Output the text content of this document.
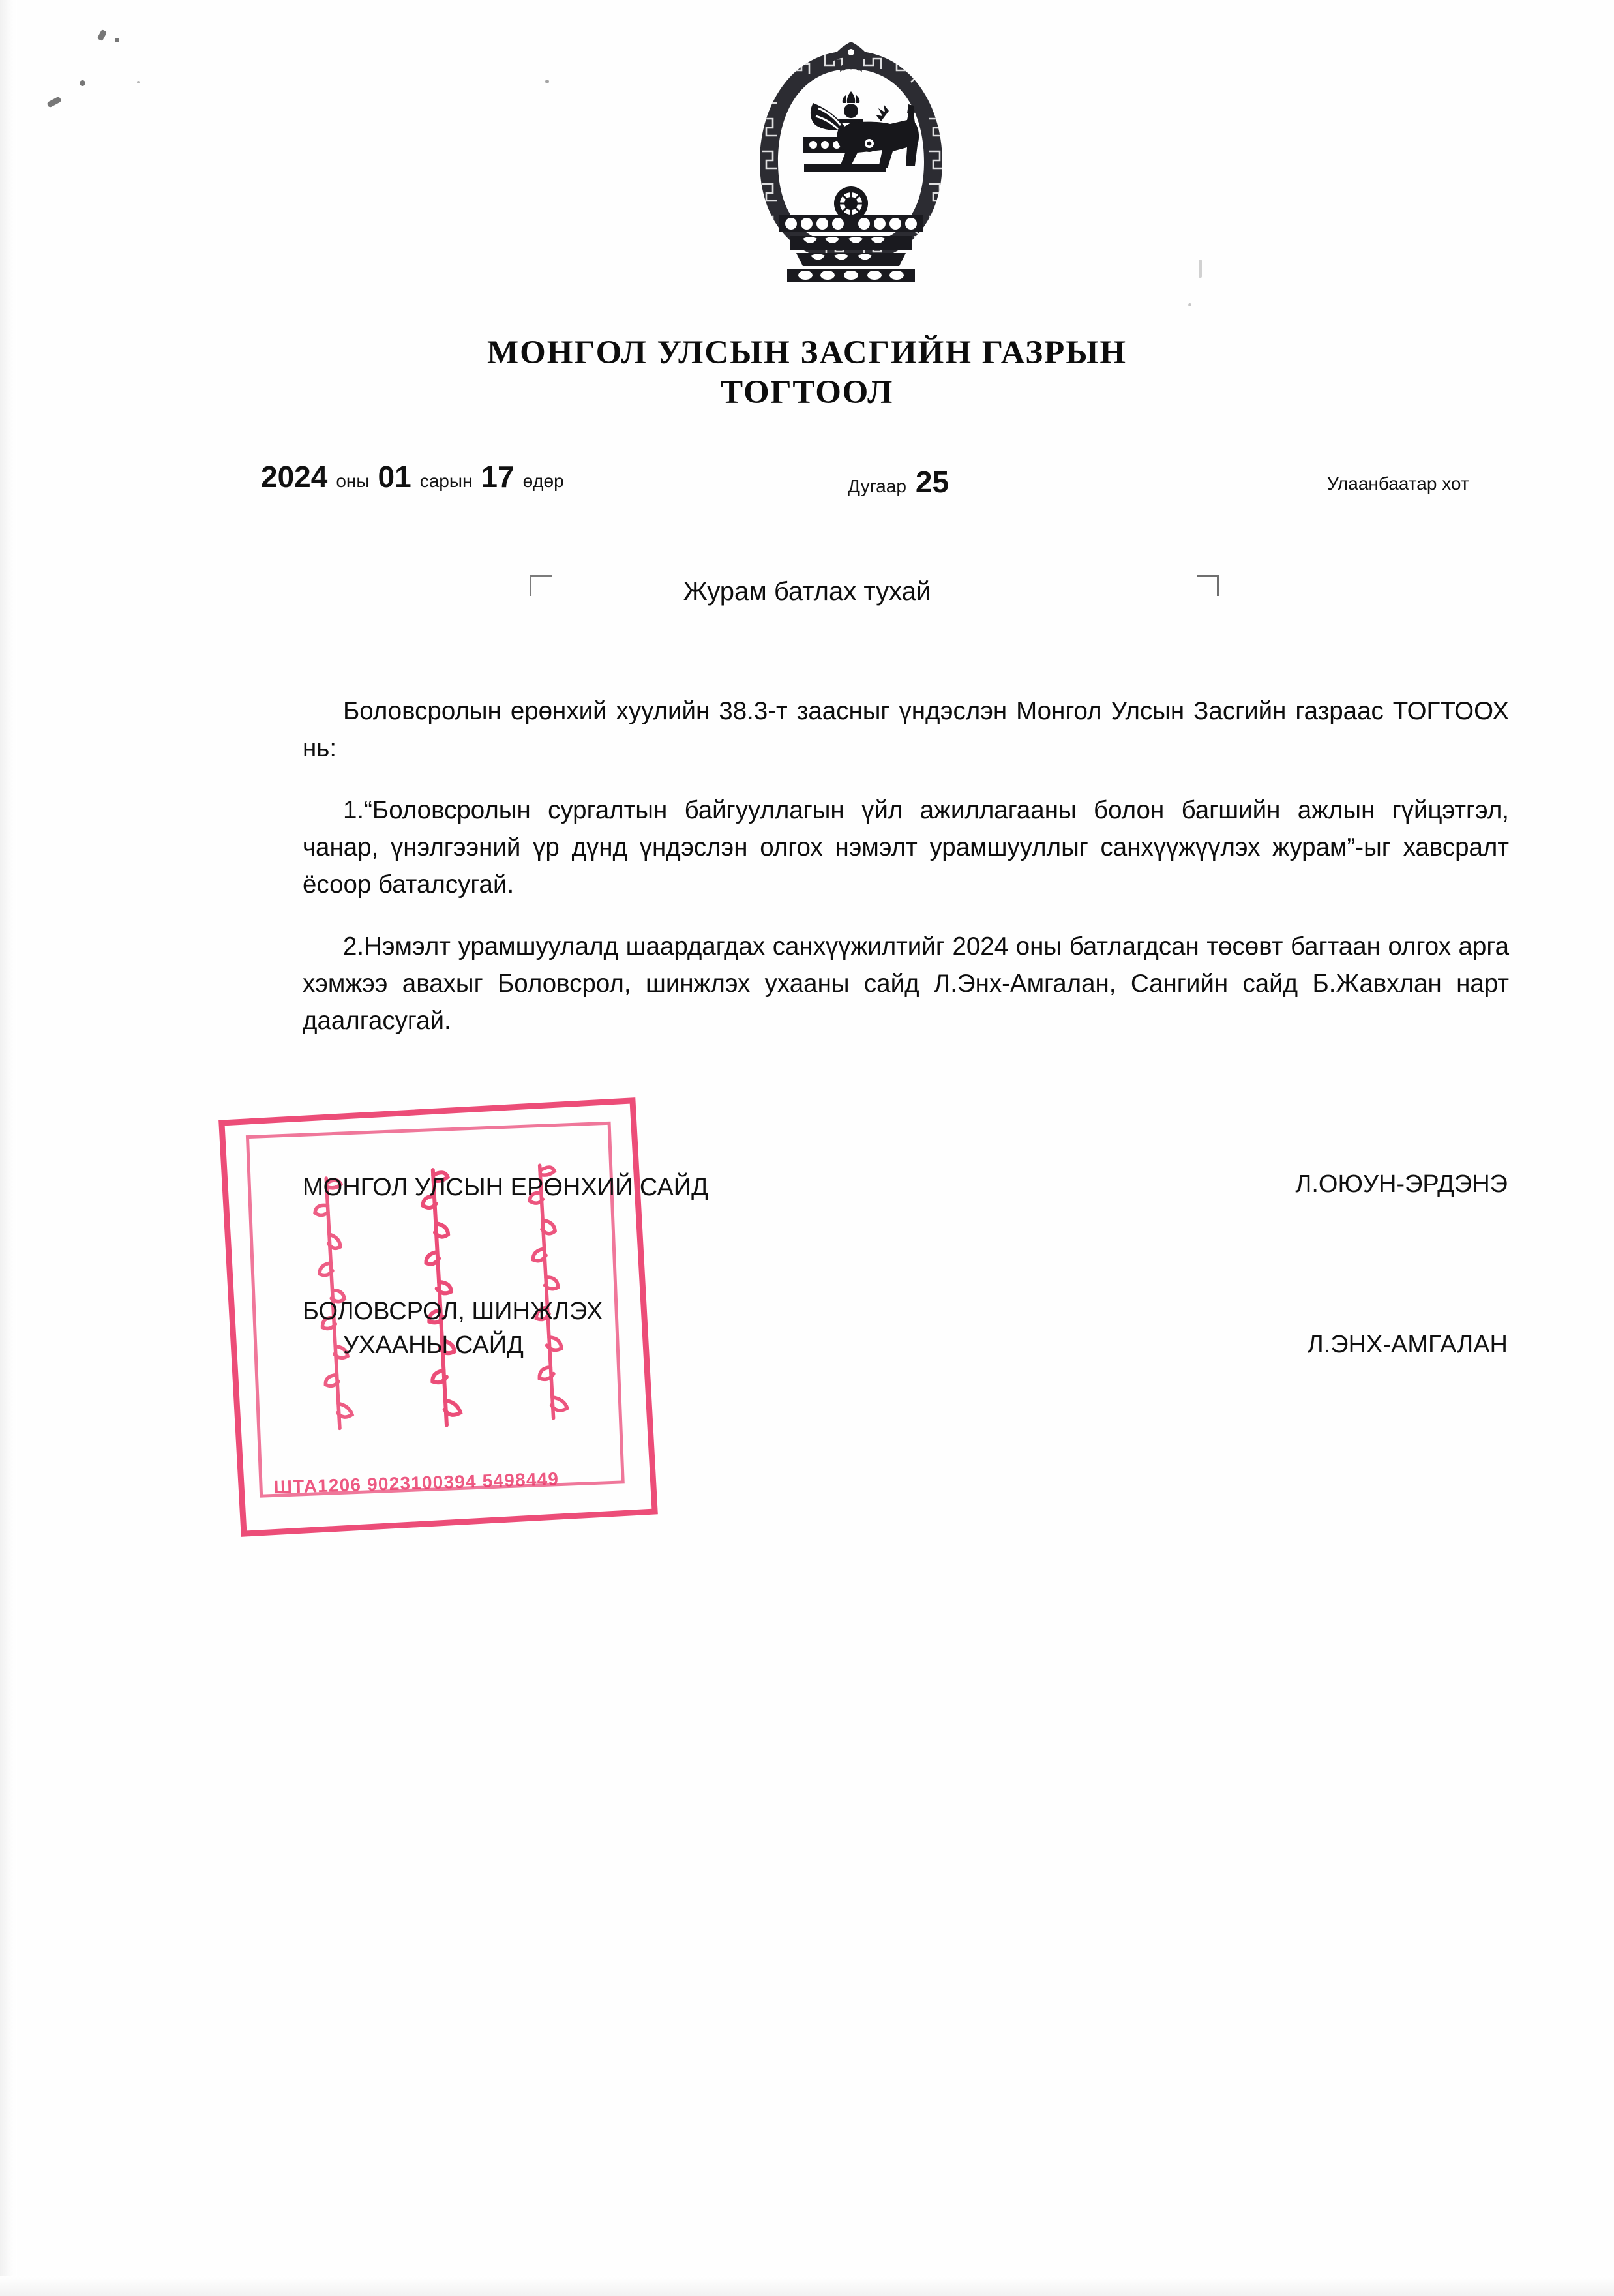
МОНГОЛ УЛСЫН ЗАСГИЙН ГАЗРЫН
ТОГТООЛ
2024 оны 01 сарын 17 өдөр	Дугаар 25	Улаанбаатар хот
Журам батлах тухай

Боловсролын ерөнхий хуулийн 38.3-т заасныг үндэслэн Монгол Улсын Засгийн газраас ТОГТООХ нь:

1.“Боловсролын сургалтын байгууллагын үйл ажиллагааны болон багшийн ажлын гүйцэтгэл, чанар, үнэлгээний үр дүнд үндэслэн олгох нэмэлт урамшууллыг санхүүжүүлэх журам”-ыг хавсралт ёсоор баталсугай.

2.Нэмэлт урамшуулалд шаардагдах санхүүжилтийг 2024 оны батлагдсан төсөвт багтаан олгох арга хэмжээ авахыг Боловсрол, шинжлэх ухааны сайд Л.Энх-Амгалан, Сангийн сайд Б.Жавхлан нарт даалгасугай.

ШТА1206 9023100394 5498449
МОНГОЛ УЛСЫН ЕРӨНХИЙ САЙД	Л.ОЮУН-ЭРДЭНЭ
БОЛОВСРОЛ, ШИНЖЛЭХ
УХААНЫ САЙД	Л.ЭНХ-АМГАЛАН
